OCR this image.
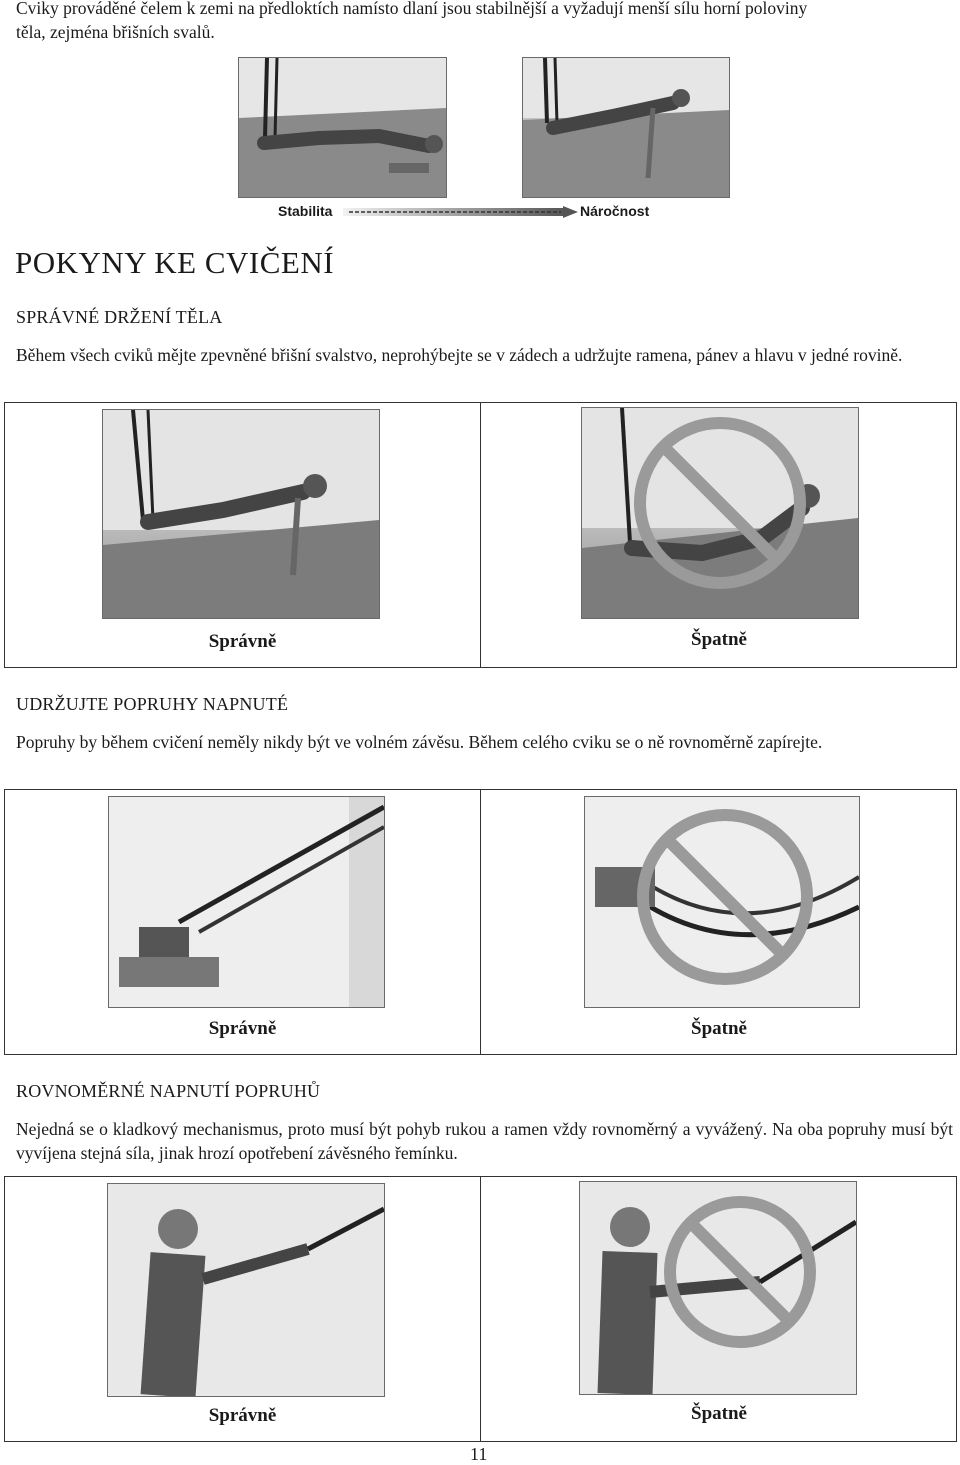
Cviky prováděné čelem k zemi na předloktích namísto dlaní jsou stabilnější a vyžadují menší sílu horní poloviny
těla, zejména břišních svalů.
Stabilita	Náročnost
POKYNY KE CVIČENÍ
SPRÁVNÉ DRŽENÍ TĚLA
Během všech cviků mějte zpevněné břišní svalstvo, neprohýbejte se v zádech a udržujte ramena, pánev a hlavu v jedné rovině.
Správně	Špatně
UDRŽUJTE POPRUHY NAPNUTÉ
Popruhy by během cvičení neměly nikdy být ve volném závěsu. Během celého cviku se o ně rovnoměrně zapírejte.
Správně	Špatně
ROVNOMĚRNÉ NAPNUTÍ POPRUHŮ
Nejedná se o kladkový mechanismus, proto musí být pohyb rukou a ramen vždy rovnoměrný a vyvážený. Na oba popruhy musí být vyvíjena stejná síla, jinak hrozí opotřebení závěsného řemínku.
Správně	Špatně
11
